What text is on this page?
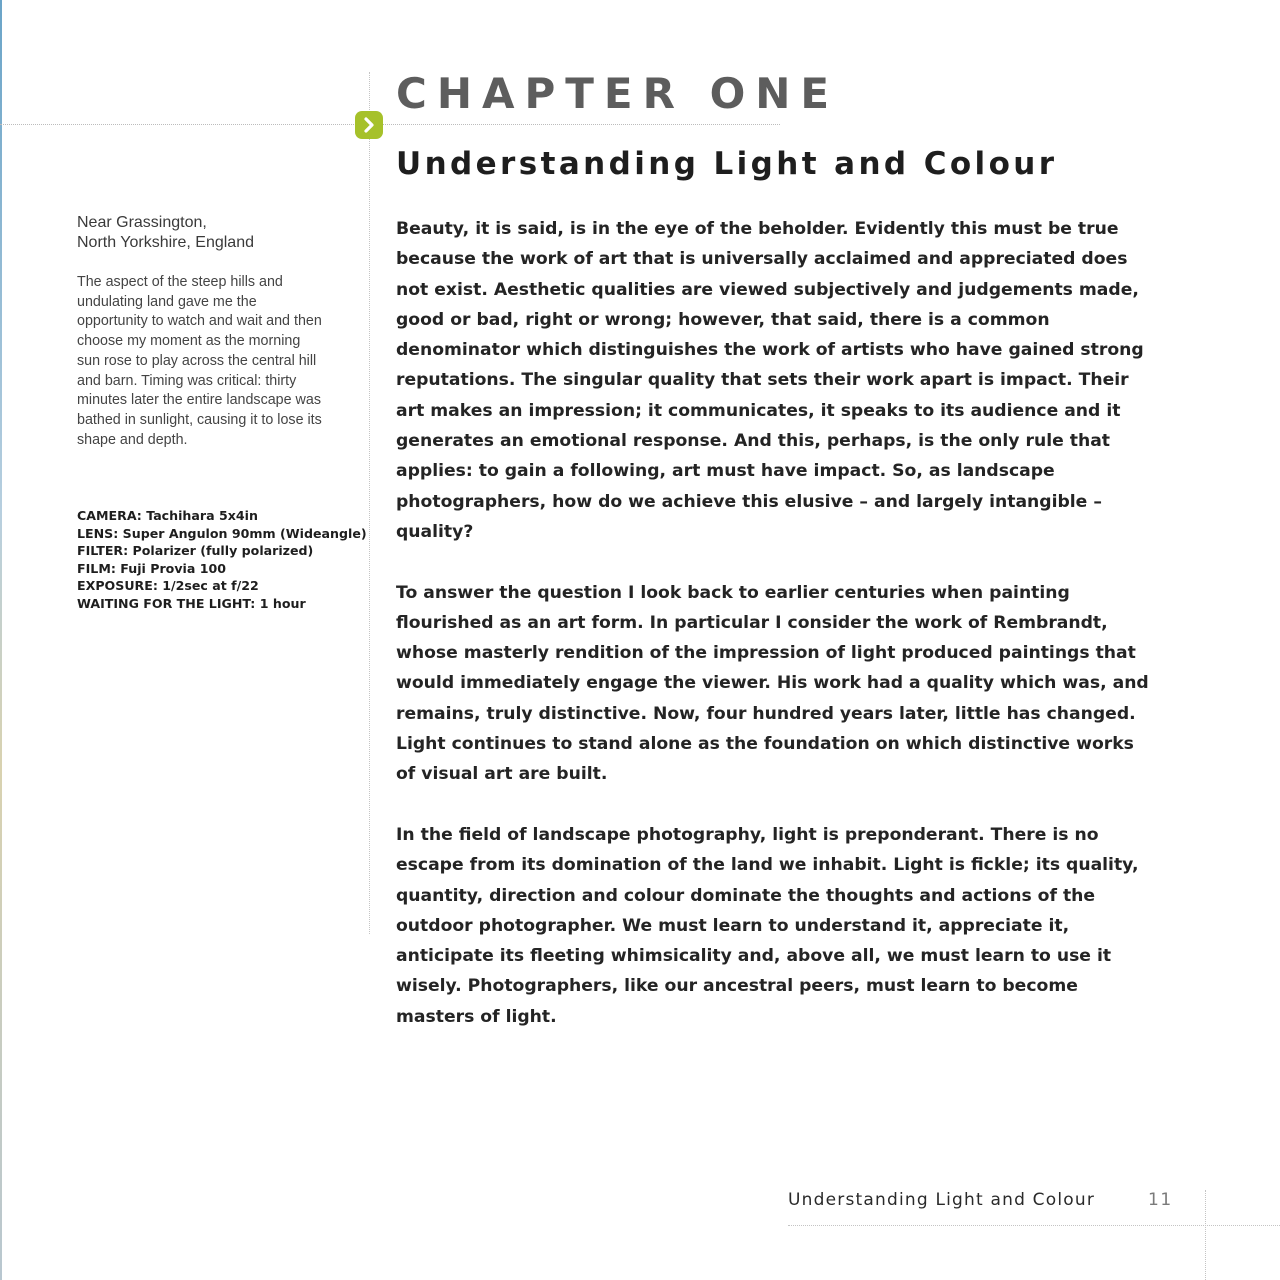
CHAPTER ONE
Understanding Light and Colour
Near Grassington,
North Yorkshire, England

The aspect of the steep hills and undulating land gave me the opportunity to watch and wait and then choose my moment as the morning sun rose to play across the central hill and barn. Timing was critical: thirty minutes later the entire landscape was bathed in sunlight, causing it to lose its shape and depth.

CAMERA: Tachihara 5x4in
LENS: Super Angulon 90mm (Wideangle)
FILTER: Polarizer (fully polarized)
FILM: Fuji Provia 100
EXPOSURE: 1/2sec at f/22
WAITING FOR THE LIGHT: 1 hour

Beauty, it is said, is in the eye of the beholder. Evidently this must be true because the work of art that is universally acclaimed and appreciated does not exist. Aesthetic qualities are viewed subjectively and judgements made, good or bad, right or wrong; however, that said, there is a common denominator which distinguishes the work of artists who have gained strong reputations. The singular quality that sets their work apart is impact. Their art makes an impression; it communicates, it speaks to its audience and it generates an emotional response. And this, perhaps, is the only rule that applies: to gain a following, art must have impact. So, as landscape photographers, how do we achieve this elusive – and largely intangible – quality?

To answer the question I look back to earlier centuries when painting flourished as an art form. In particular I consider the work of Rembrandt, whose masterly rendition of the impression of light produced paintings that would immediately engage the viewer. His work had a quality which was, and remains, truly distinctive. Now, four hundred years later, little has changed. Light continues to stand alone as the foundation on which distinctive works of visual art are built.

In the field of landscape photography, light is preponderant. There is no escape from its domination of the land we inhabit. Light is fickle; its quality, quantity, direction and colour dominate the thoughts and actions of the outdoor photographer. We must learn to understand it, appreciate it, anticipate its fleeting whimsicality and, above all, we must learn to use it wisely. Photographers, like our ancestral peers, must learn to become masters of light.

Understanding Light and Colour	11
